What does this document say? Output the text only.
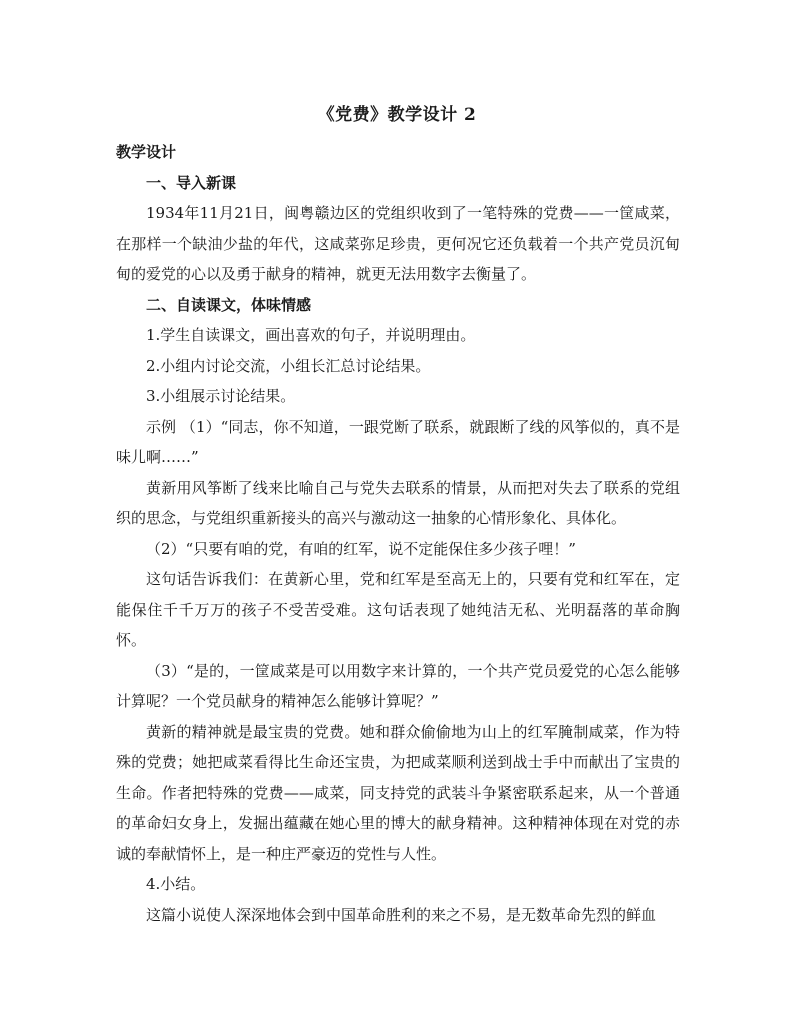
《党费》教学设计 2

教学设计

一、导入新课

1934年11月21日，闽粤赣边区的党组织收到了一笔特殊的党费——一筐咸菜，在那样一个缺油少盐的年代，这咸菜弥足珍贵，更何况它还负载着一个共产党员沉甸甸的爱党的心以及勇于献身的精神，就更无法用数字去衡量了。

二、自读课文，体味情感

1.学生自读课文，画出喜欢的句子，并说明理由。

2.小组内讨论交流，小组长汇总讨论结果。

3.小组展示讨论结果。

示例 （1）“同志，你不知道，一跟党断了联系，就跟断了线的风筝似的，真不是味儿啊……”

黄新用风筝断了线来比喻自己与党失去联系的情景，从而把对失去了联系的党组织的思念，与党组织重新接头的高兴与激动这一抽象的心情形象化、具体化。

（2）“只要有咱的党，有咱的红军，说不定能保住多少孩子哩！”

这句话告诉我们：在黄新心里，党和红军是至高无上的，只要有党和红军在，定能保住千千万万的孩子不受苦受难。这句话表现了她纯洁无私、光明磊落的革命胸怀。

（3）“是的，一筐咸菜是可以用数字来计算的，一个共产党员爱党的心怎么能够计算呢？一个党员献身的精神怎么能够计算呢？”

黄新的精神就是最宝贵的党费。她和群众偷偷地为山上的红军腌制咸菜，作为特殊的党费；她把咸菜看得比生命还宝贵，为把咸菜顺利送到战士手中而献出了宝贵的生命。作者把特殊的党费——咸菜，同支持党的武装斗争紧密联系起来，从一个普通的革命妇女身上，发掘出蕴藏在她心里的博大的献身精神。这种精神体现在对党的赤诚的奉献情怀上，是一种庄严豪迈的党性与人性。

4.小结。

这篇小说使人深深地体会到中国革命胜利的来之不易，是无数革命先烈的鲜血
